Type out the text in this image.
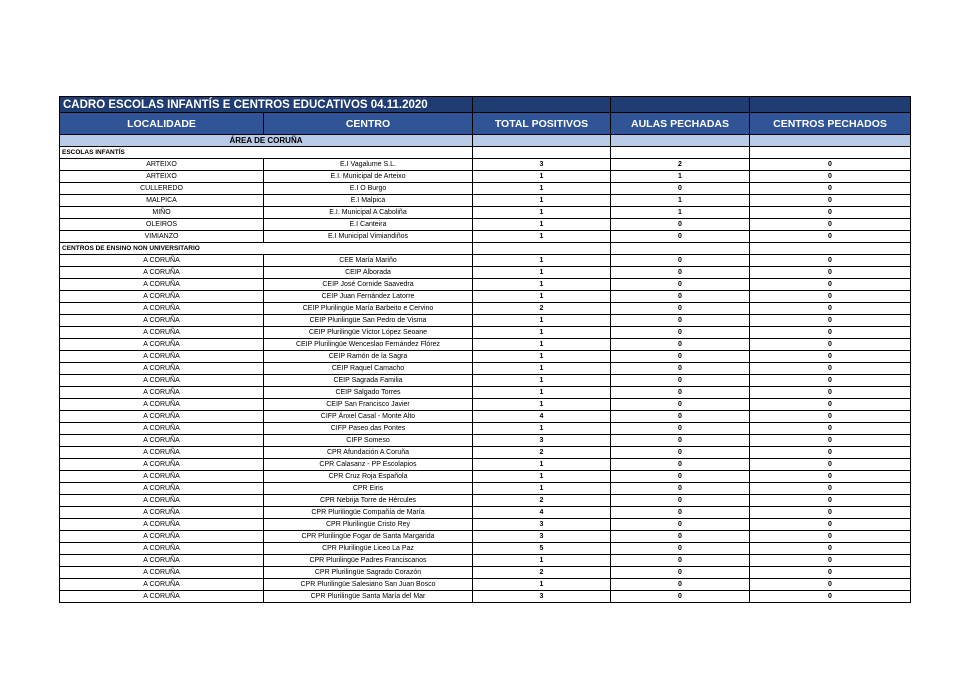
CADRO ESCOLAS INFANTÍS E CENTROS EDUCATIVOS 04.11.2020				
LOCALIDADE	CENTRO	TOTAL POSITIVOS	AULAS PECHADAS	CENTROS PECHADOS
ÁREA DE CORUÑA				
ESCOLAS INFANTÍS				
ARTEIXO	E.I Vagalume S.L.	3	2	0
ARTEIXO	E.I. Municipal de Arteixo	1	1	0
CULLEREDO	E.I O Burgo	1	0	0
MALPICA	E.I Malpica	1	1	0
MIÑO	E.I. Municipal A Caboliña	1	1	0
OLEIROS	E.I Canteira	1	0	0
VIMIANZO	E.I Municipal Vimiandiños	1	0	0
CENTROS DE ENSINO NON UNIVERSITARIO				
A CORUÑA	CEE María Mariño	1	0	0
A CORUÑA	CEIP Alborada	1	0	0
A CORUÑA	CEIP José Cornide Saavedra	1	0	0
A CORUÑA	CEIP Juan Fernández Latorre	1	0	0
A CORUÑA	CEIP Plurilingüe María Barbeito e Cervino	2	0	0
A CORUÑA	CEIP Plurilingüe San Pedro de Visma	1	0	0
A CORUÑA	CEIP Plurilingüe Víctor López Seoane	1	0	0
A CORUÑA	CEIP Plurilingüe Wenceslao Fernández Flórez	1	0	0
A CORUÑA	CEIP Ramón de la Sagra	1	0	0
A CORUÑA	CEIP Raquel Camacho	1	0	0
A CORUÑA	CEIP Sagrada Familia	1	0	0
A CORUÑA	CEIP Salgado Torres	1	0	0
A CORUÑA	CEIP San Francisco Javier	1	0	0
A CORUÑA	CIFP Ánxel Casal - Monte Alto	4	0	0
A CORUÑA	CIFP Paseo das Pontes	1	0	0
A CORUÑA	CIFP Someso	3	0	0
A CORUÑA	CPR Afundación A Coruña	2	0	0
A CORUÑA	CPR Calasanz - PP Escolapios	1	0	0
A CORUÑA	CPR Cruz Roja Española	1	0	0
A CORUÑA	CPR Eiris	1	0	0
A CORUÑA	CPR Nebrija Torre de Hércules	2	0	0
A CORUÑA	CPR Plurilingüe Compañía de María	4	0	0
A CORUÑA	CPR Plurilingüe Cristo Rey	3	0	0
A CORUÑA	CPR Plurilingüe Fogar de Santa Margarida	3	0	0
A CORUÑA	CPR Plurilingüe Liceo La Paz	5	0	0
A CORUÑA	CPR Plurilingüe Padres Franciscanos	1	0	0
A CORUÑA	CPR Plurilingüe Sagrado Corazón	2	0	0
A CORUÑA	CPR Plurilingüe Salesiano San Juan Bosco	1	0	0
A CORUÑA	CPR Plurilingüe Santa María del Mar	3	0	0
